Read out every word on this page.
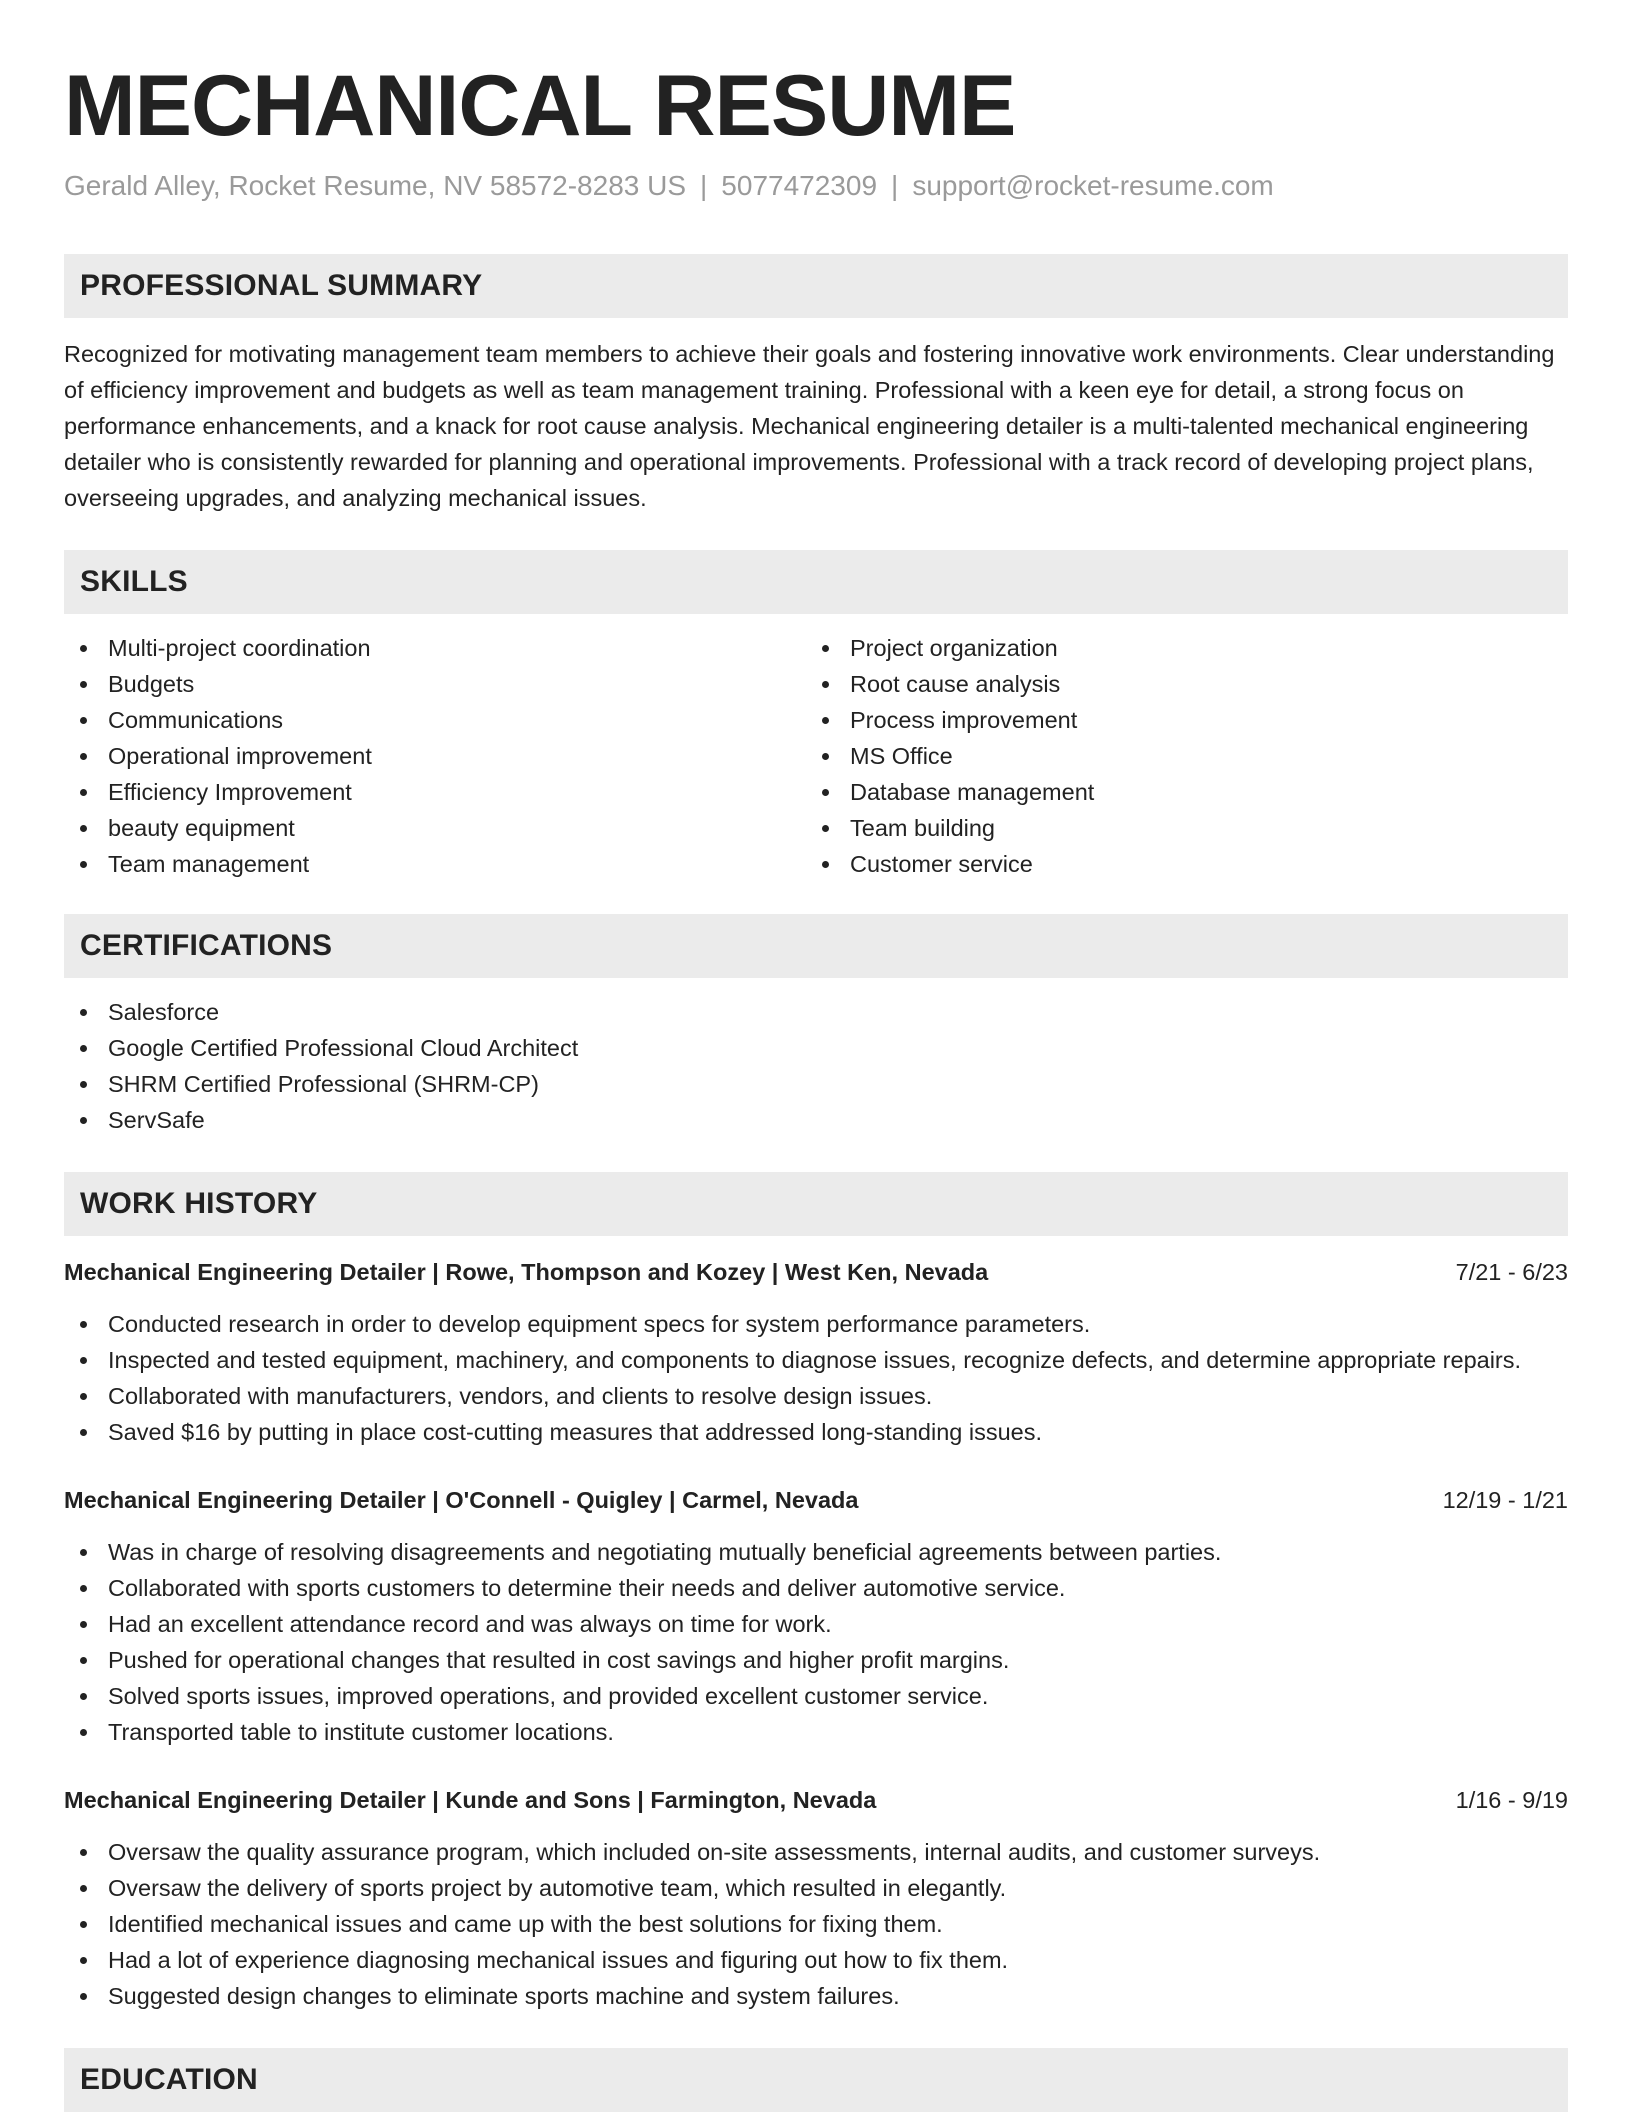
MECHANICAL RESUME
Gerald Alley, Rocket Resume, NV 58572-8283 US | 5077472309 | support@rocket-resume.com
PROFESSIONAL SUMMARY

Recognized for motivating management team members to achieve their goals and fostering innovative work environments. Clear understanding of efficiency improvement and budgets as well as team management training. Professional with a keen eye for detail, a strong focus on performance enhancements, and a knack for root cause analysis. Mechanical engineering detailer is a multi-talented mechanical engineering detailer who is consistently rewarded for planning and operational improvements. Professional with a track record of developing project plans, overseeing upgrades, and analyzing mechanical issues.

SKILLS
Multi-project coordination
Budgets
Communications
Operational improvement
Efficiency Improvement
beauty equipment
Team management
Project organization
Root cause analysis
Process improvement
MS Office
Database management
Team building
Customer service
CERTIFICATIONS
Salesforce
Google Certified Professional Cloud Architect
SHRM Certified Professional (SHRM-CP)
ServSafe
WORK HISTORY
Mechanical Engineering Detailer | Rowe, Thompson and Kozey | West Ken, Nevada	7/21 - 6/23
Conducted research in order to develop equipment specs for system performance parameters.
Inspected and tested equipment, machinery, and components to diagnose issues, recognize defects, and determine appropriate repairs.
Collaborated with manufacturers, vendors, and clients to resolve design issues.
Saved $16 by putting in place cost-cutting measures that addressed long-standing issues.
Mechanical Engineering Detailer | O'Connell - Quigley | Carmel, Nevada	12/19 - 1/21
Was in charge of resolving disagreements and negotiating mutually beneficial agreements between parties.
Collaborated with sports customers to determine their needs and deliver automotive service.
Had an excellent attendance record and was always on time for work.
Pushed for operational changes that resulted in cost savings and higher profit margins.
Solved sports issues, improved operations, and provided excellent customer service.
Transported table to institute customer locations.
Mechanical Engineering Detailer | Kunde and Sons | Farmington, Nevada	1/16 - 9/19
Oversaw the quality assurance program, which included on-site assessments, internal audits, and customer surveys.
Oversaw the delivery of sports project by automotive team, which resulted in elegantly.
Identified mechanical issues and came up with the best solutions for fixing them.
Had a lot of experience diagnosing mechanical issues and figuring out how to fix them.
Suggested design changes to eliminate sports machine and system failures.
EDUCATION
